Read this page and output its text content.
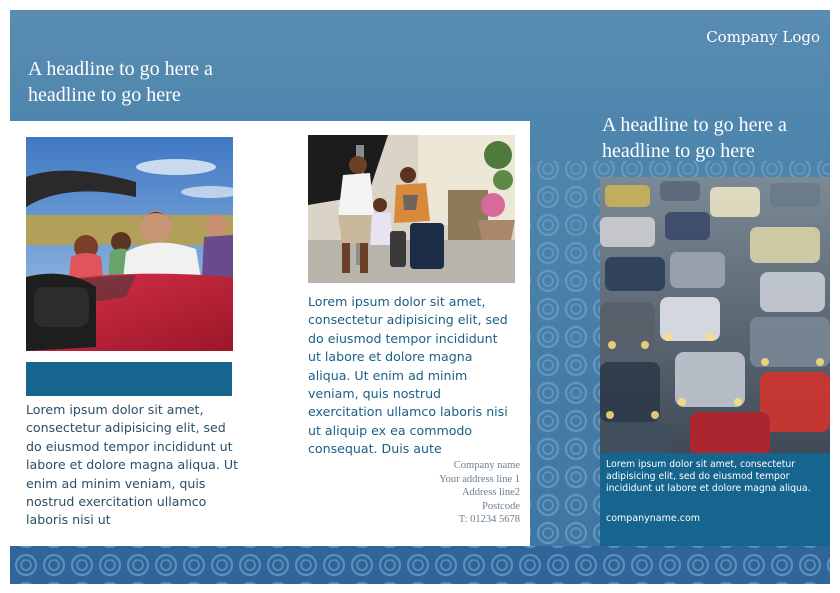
Company Logo
A headline to go here a headline to go here
A headline to go here a headline to go here
Lorem ipsum dolor sit amet, consectetur adipisicing elit, sed do eiusmod tempor incididunt ut labore et dolore magna aliqua. Ut enim ad minim veniam, quis nostrud exercitation ullamco laboris nisi ut
Lorem ipsum dolor sit amet, consectetur adipisicing elit, sed do eiusmod tempor incididunt ut labore et dolore magna aliqua. Ut enim ad minim veniam, quis nostrud exercitation ullamco laboris nisi ut aliquip ex ea commodo consequat. Duis aute
Company name
Your address line 1
Address line2
Postcode
T: 01234 5678
Lorem ipsum dolor sit amet, consectetur adipisicing elit, sed do eiusmod tempor incididunt ut labore et dolore magna aliqua.
companyname.com
